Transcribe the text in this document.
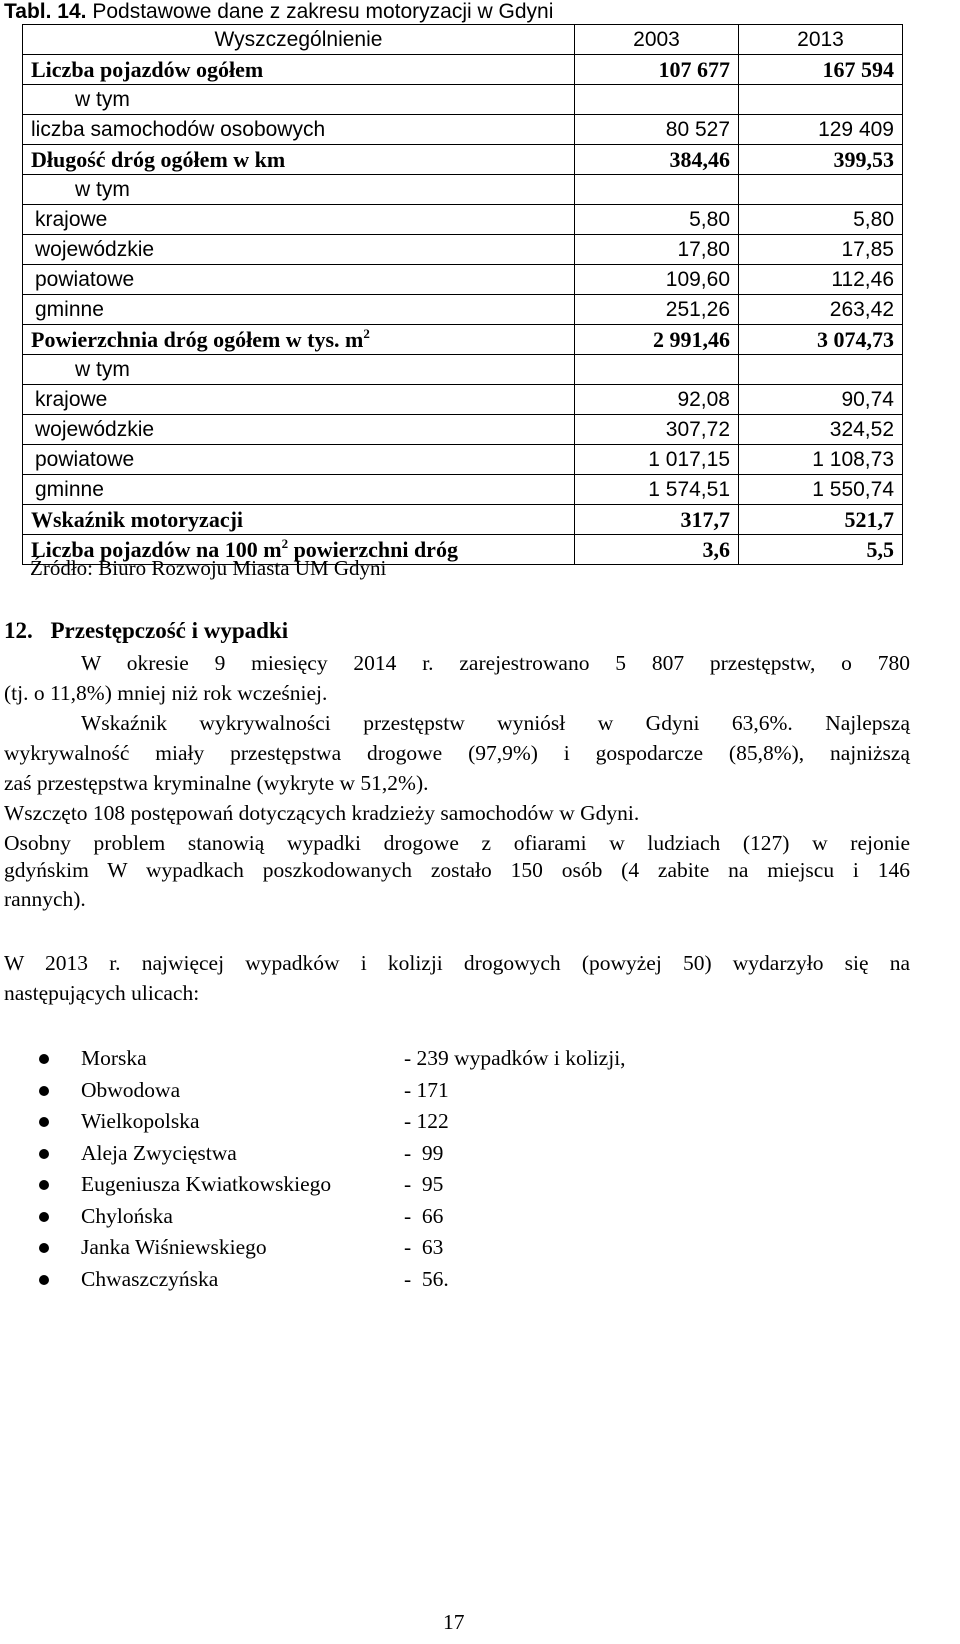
Tabl. 14. Podstawowe dane z zakresu motoryzacji w Gdyni
Wyszczególnienie	2003	2013
Liczba pojazdów ogółem	107 677	167 594
w tym		
liczba samochodów osobowych	80 527	129 409
Długość dróg ogółem w km	384,46	399,53
w tym		
krajowe	5,80	5,80
wojewódzkie	17,80	17,85
powiatowe	109,60	112,46
gminne	251,26	263,42
Powierzchnia dróg ogółem w tys. $m^2$	2 991,46	3 074,73
w tym		
krajowe	92,08	90,74
wojewódzkie	307,72	324,52
powiatowe	1 017,15	1 108,73
gminne	1 574,51	1 550,74
Wskaźnik motoryzacji	317,7	521,7
Liczba pojazdów na 100 $m^2$ powierzchni dróg	3,6	5,5
Źródło: Biuro Rozwoju Miasta UM Gdyni
12. Przestępczość i wypadki
W okresie 9 miesięcy 2014 r. zarejestrowano 5 807 przestępstw, o 780
(tj. o 11,8%) mniej niż rok wcześniej.
Wskaźnik wykrywalności przestępstw wyniósł w Gdyni 63,6%. Najlepszą
wykrywalność miały przestępstwa drogowe (97,9%) i gospodarcze (85,8%), najniższą
zaś przestępstwa kryminalne (wykryte w 51,2%).
Wszczęto 108 postępowań dotyczących kradzieży samochodów w Gdyni.
Osobny problem stanowią wypadki drogowe z ofiarami w ludziach (127) w rejonie
gdyńskim W wypadkach poszkodowanych zostało 150 osób (4 zabite na miejscu i 146
rannych).
W 2013 r. najwięcej wypadków i kolizji drogowych (powyżej 50) wydarzyło się na
następujących ulicach:
Morska	- 239 wypadków i kolizji,
Obwodowa	- 171
Wielkopolska	- 122
Aleja Zwycięstwa	-  99
Eugeniusza Kwiatkowskiego	-  95
Chylońska	-  66
Janka Wiśniewskiego	-  63
Chwaszczyńska	-  56.
17
